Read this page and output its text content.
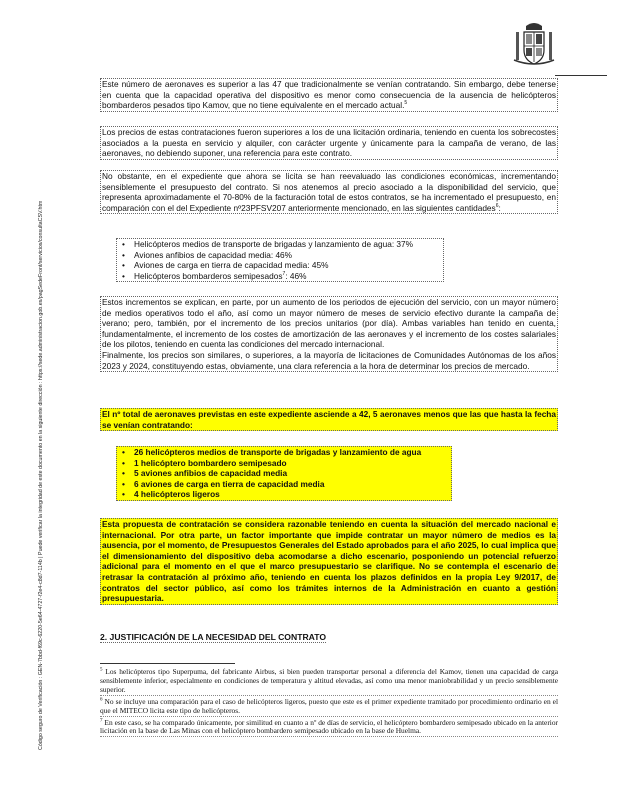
Código seguro de Verificación : GEN-7bbd-f69c-6220-5e64-4727-f2e4-c8d7-114b | Puede verificar la integridad de este documento en la siguiente dirección : https://sede.administracion.gob.es/pagSedeFront/servicios/consultaCSV.htm
Este número de aeronaves es superior a las 47 que tradicionalmente se venían contratando. Sin embargo, debe tenerse en cuenta que la capacidad operativa del dispositivo es menor como consecuencia de la ausencia de helicópteros bombarderos pesados tipo Kamov, que no tiene equivalente en el mercado actual.$^5$
Los precios de estas contrataciones fueron superiores a los de una licitación ordinaria, teniendo en cuenta los sobrecostes asociados a la puesta en servicio y alquiler, con carácter urgente y únicamente para la campaña de verano, de las aeronaves, no debiendo suponer, una referencia para este contrato.
No obstante, en el expediente que ahora se licita se han reevaluado las condiciones económicas, incrementando sensiblemente el presupuesto del contrato. Si nos atenemos al precio asociado a la disponibilidad del servicio, que representa aproximadamente el 70-80% de la facturación total de estos contratos, se ha incrementado el presupuesto, en comparación con el del Expediente nº23PFSV207 anteriormente mencionado, en las siguientes cantidades$^6$:
• Helicópteros medios de transporte de brigadas y lanzamiento de agua: 37%
• Aviones anfibios de capacidad media: 46%
• Aviones de carga en tierra de capacidad media: 45%
• Helicópteros bombarderos semipesados$^7$: 46%
Estos incrementos se explican, en parte, por un aumento de los periodos de ejecución del servicio, con un mayor número de medios operativos todo el año, así como un mayor número de meses de servicio efectivo durante la campaña de verano; pero, también, por el incremento de los precios unitarios (por día). Ambas variables han tenido en cuenta, fundamentalmente, el incremento de los costes de amortización de las aeronaves y el incremento de los costes salariales de los pilotos, teniendo en cuenta las condiciones del mercado internacional.
Finalmente, los precios son similares, o superiores, a la mayoría de licitaciones de Comunidades Autónomas de los años 2023 y 2024, constituyendo estas, obviamente, una clara referencia a la hora de determinar los precios de mercado.
El nº total de aeronaves previstas en este expediente asciende a 42, 5 aeronaves menos que las que hasta la fecha se venían contratando:
• 26 helicópteros medios de transporte de brigadas y lanzamiento de agua
• 1 helicóptero bombardero semipesado
• 5 aviones anfibios de capacidad media
• 6 aviones de carga en tierra de capacidad media
• 4 helicópteros ligeros
Esta propuesta de contratación se considera razonable teniendo en cuenta la situación del mercado nacional e internacional. Por otra parte, un factor importante que impide contratar un mayor número de medios es la ausencia, por el momento, de Presupuestos Generales del Estado aprobados para el año 2025, lo cual implica que el dimensionamiento del dispositivo deba acomodarse a dicho escenario, posponiendo un potencial refuerzo adicional para el momento en el que el marco presupuestario se clarifique. No se contempla el escenario de retrasar la contratación al próximo año, teniendo en cuenta los plazos definidos en la propia Ley 9/2017, de contratos del sector público, así como los trámites internos de la Administración en cuanto a gestión presupuestaria.
2. JUSTIFICACIÓN DE LA NECESIDAD DEL CONTRATO

$^5$ Los helicópteros tipo Superpuma, del fabricante Airbus, si bien pueden transportar personal a diferencia del Kamov, tienen una capacidad de carga sensiblemente inferior, especialmente en condiciones de temperatura y altitud elevadas, así como una menor maniobrabilidad y un precio sensiblemente superior.

$^6$ No se incluye una comparación para el caso de helicópteros ligeros, puesto que este es el primer expediente tramitado por procedimiento ordinario en el que el MITECO licita este tipo de helicópteros.

$^7$ En este caso, se ha comparado únicamente, por similitud en cuanto a nº de días de servicio, el helicóptero bombardero semipesado ubicado en la anterior licitación en la base de Las Minas con el helicóptero bombardero semipesado ubicado en la base de Huelma.
